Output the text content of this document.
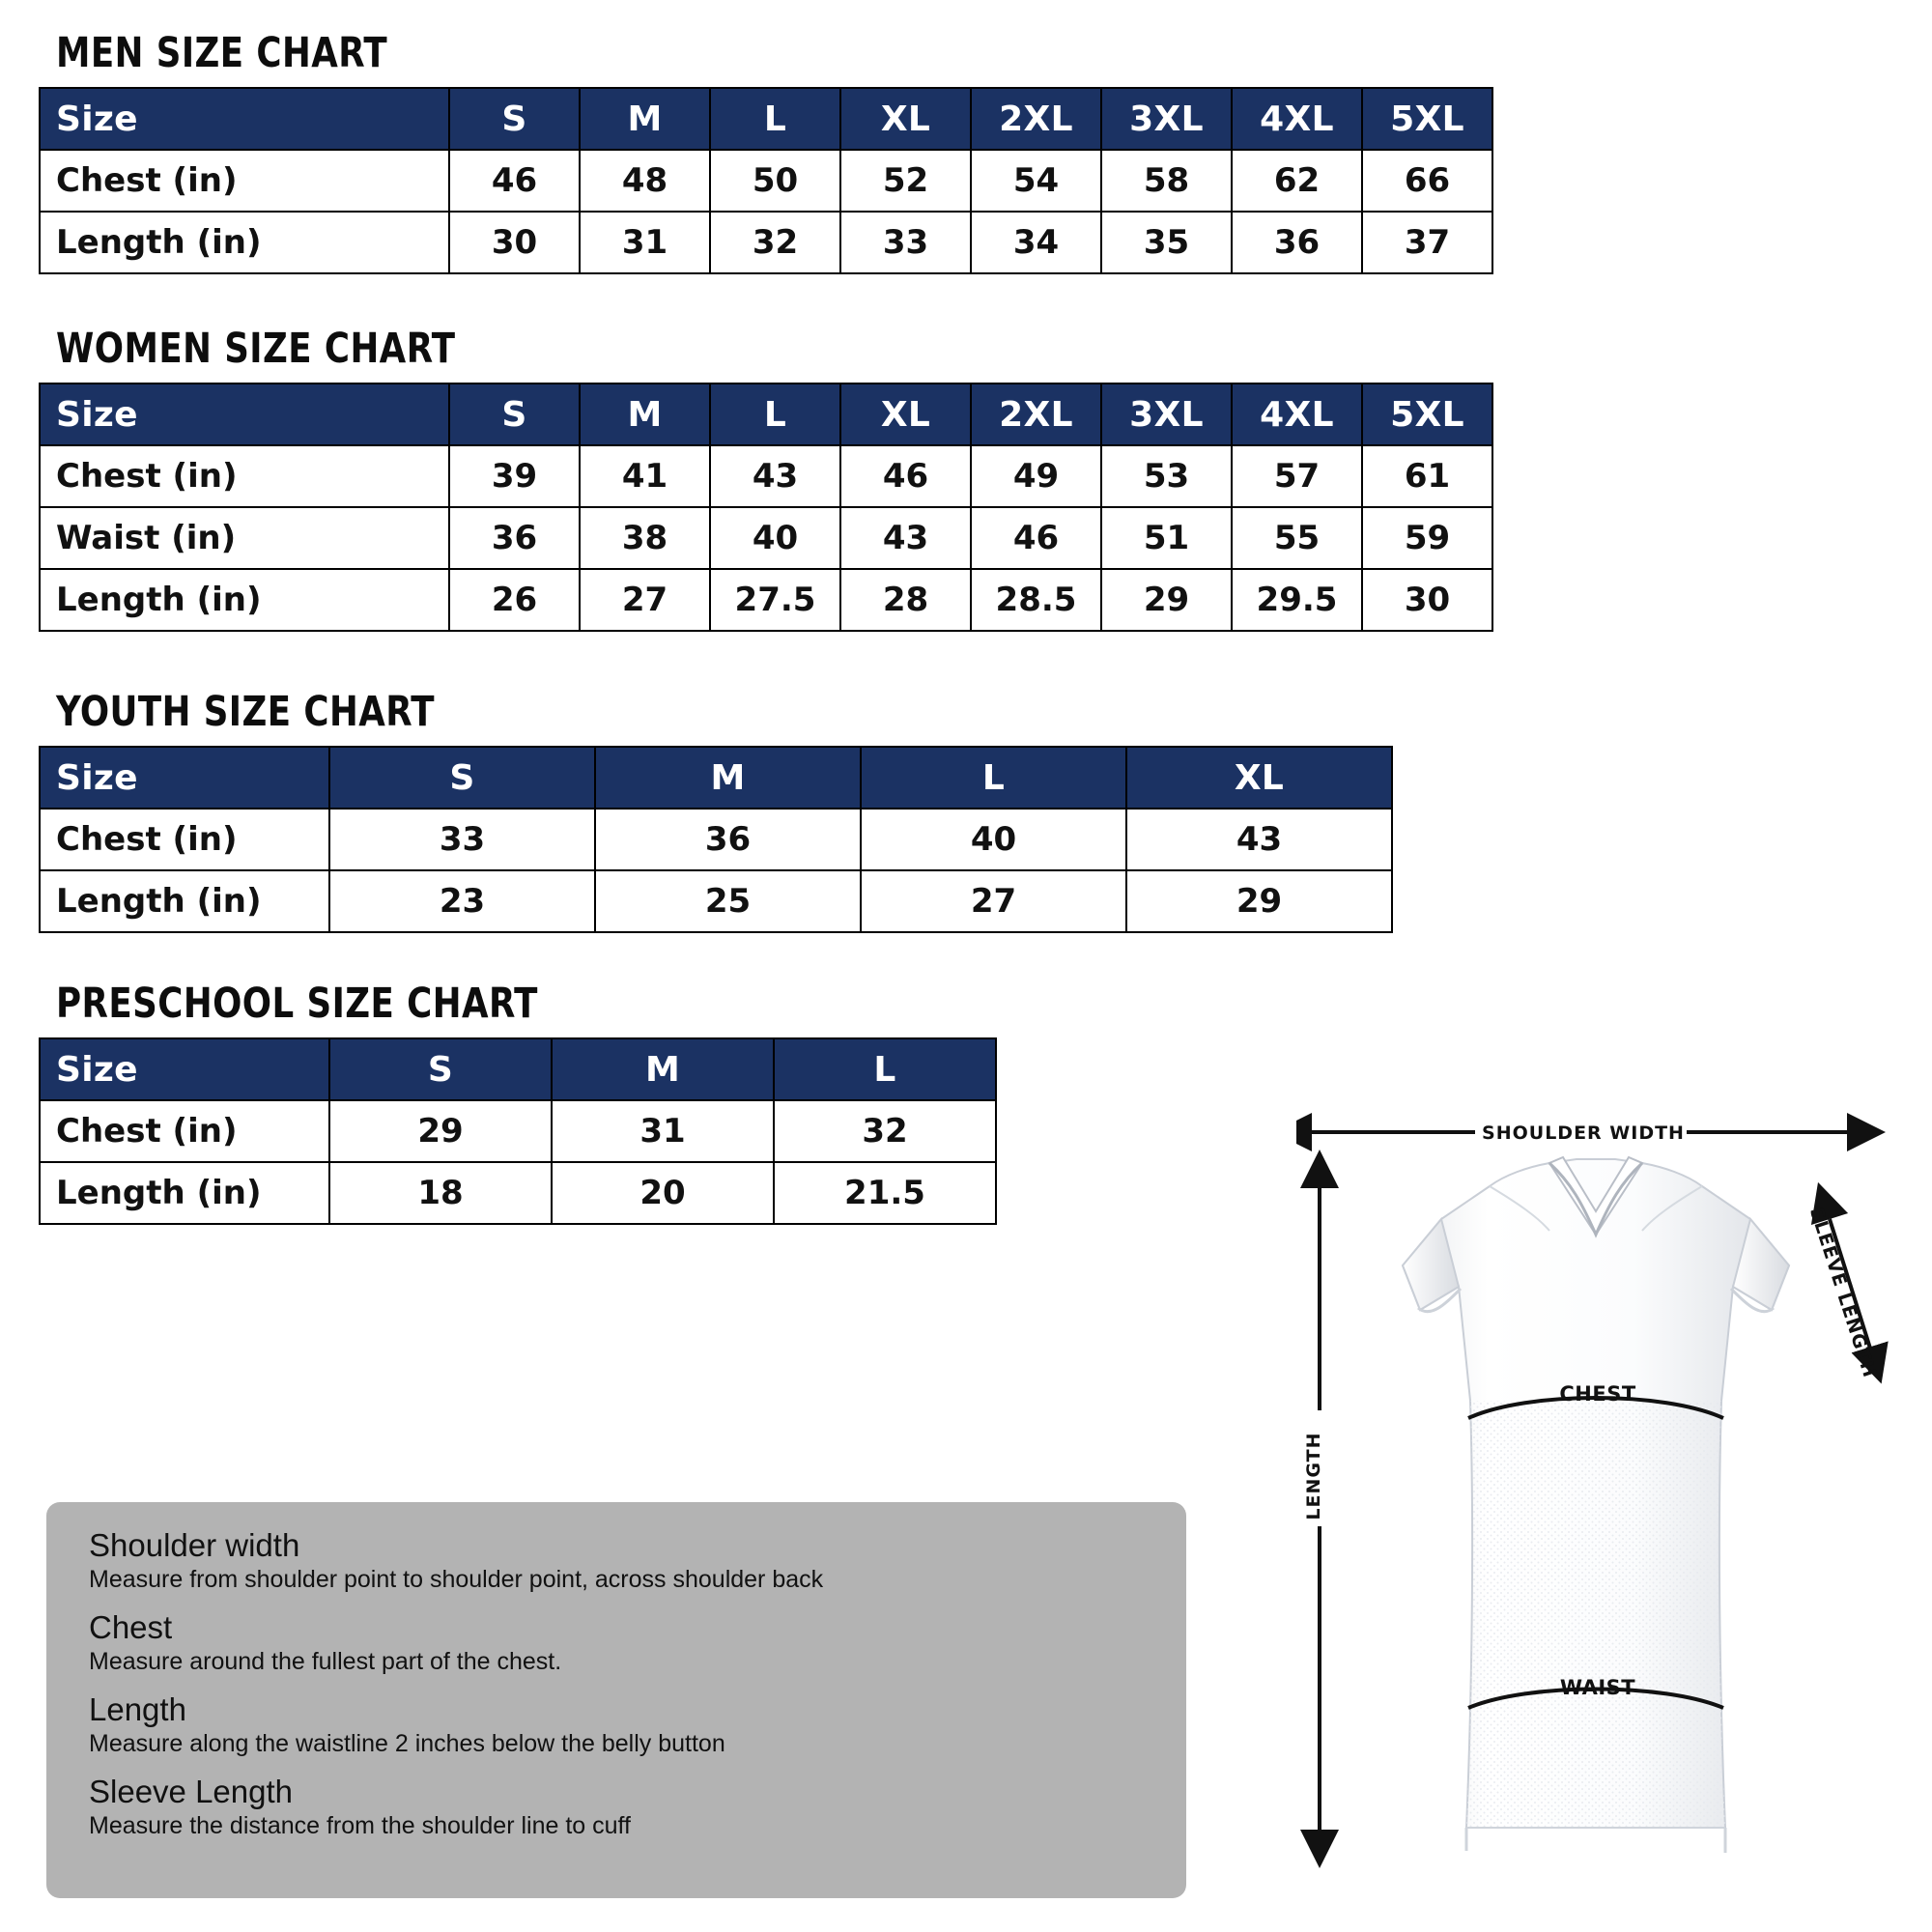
MEN SIZE CHART
Size	S	M	L	XL	2XL	3XL	4XL	5XL
Chest (in)	46	48	50	52	54	58	62	66
Length (in)	30	31	32	33	34	35	36	37
WOMEN SIZE CHART
Size	S	M	L	XL	2XL	3XL	4XL	5XL
Chest (in)	39	41	43	46	49	53	57	61
Waist (in)	36	38	40	43	46	51	55	59
Length (in)	26	27	27.5	28	28.5	29	29.5	30
YOUTH SIZE CHART
Size	S	M	L	XL
Chest (in)	33	36	40	43
Length (in)	23	25	27	29
PRESCHOOL SIZE CHART
Size	S	M	L
Chest (in)	29	31	32
Length (in)	18	20	21.5
Shoulder width

Measure from shoulder point to shoulder point, across shoulder back

Chest

Measure around the fullest part of the chest.

Length

Measure along the waistline 2 inches below the belly button

Sleeve Length

Measure the distance from the shoulder line to cuff

SHOULDER WIDTH
LENGTH
CHEST
WAIST
SLEEVE LENGTH
